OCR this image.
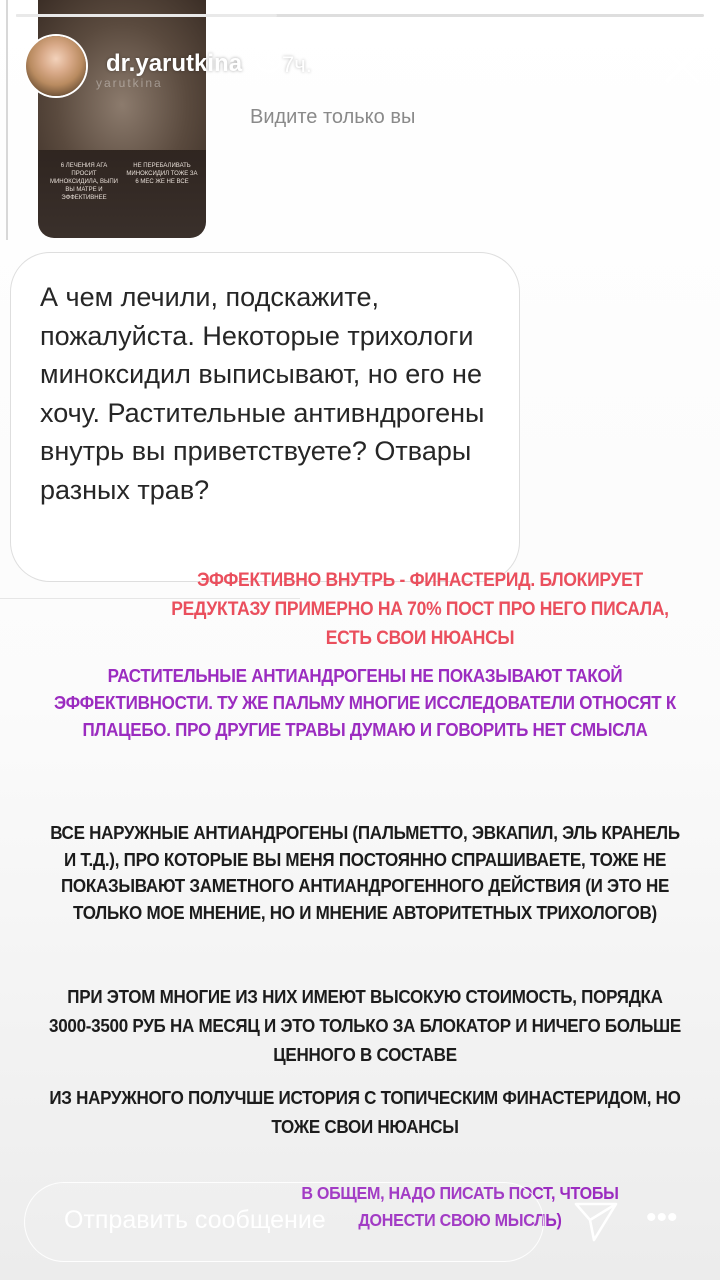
yarutkina
6 ЛЕЧЕНИЯ АГА ПРОСИТ МИНОКСИДИЛА, ВЫПИ ВЫ МАТРЕ И ЭФФЕКТИВНЕЕ
НЕ ПЕРЕБАЛИВАТЬ МИНОКСИДИЛ ТОЖЕ ЗА 6 МЕС ЖЕ НЕ ВСЕ
dr.yarutkina 7ч.
Видите только вы
А чем лечили, подскажите, пожалуйста. Некоторые трихологи миноксидил выписывают, но его не хочу. Растительные антивндрогены внутрь вы приветствуете? Отвары разных трав?
ЭФФЕКТИВНО ВНУТРЬ - ФИНАСТЕРИД. БЛОКИРУЕТ РЕДУКТАЗУ ПРИМЕРНО НА 70% ПОСТ ПРО НЕГО ПИСАЛА, ЕСТЬ СВОИ НЮАНСЫ
РАСТИТЕЛЬНЫЕ АНТИАНДРОГЕНЫ НЕ ПОКАЗЫВАЮТ ТАКОЙ ЭФФЕКТИВНОСТИ. ТУ ЖЕ ПАЛЬМУ МНОГИЕ ИССЛЕДОВАТЕЛИ ОТНОСЯТ К ПЛАЦЕБО. ПРО ДРУГИЕ ТРАВЫ ДУМАЮ И ГОВОРИТЬ НЕТ СМЫСЛА
ВСЕ НАРУЖНЫЕ АНТИАНДРОГЕНЫ (ПАЛЬМЕТТО, ЭВКАПИЛ, ЭЛЬ КРАНЕЛЬ И Т.Д.), ПРО КОТОРЫЕ ВЫ МЕНЯ ПОСТОЯННО СПРАШИВАЕТЕ, ТОЖЕ НЕ ПОКАЗЫВАЮТ ЗАМЕТНОГО АНТИАНДРОГЕННОГО ДЕЙСТВИЯ (И ЭТО НЕ ТОЛЬКО МОЕ МНЕНИЕ, НО И МНЕНИЕ АВТОРИТЕТНЫХ ТРИХОЛОГОВ)
ПРИ ЭТОМ МНОГИЕ ИЗ НИХ ИМЕЮТ ВЫСОКУЮ СТОИМОСТЬ, ПОРЯДКА 3000-3500 РУБ НА МЕСЯЦ И ЭТО ТОЛЬКО ЗА БЛОКАТОР И НИЧЕГО БОЛЬШЕ ЦЕННОГО В СОСТАВЕ
ИЗ НАРУЖНОГО ПОЛУЧШЕ ИСТОРИЯ С ТОПИЧЕСКИМ ФИНАСТЕРИДОМ, НО ТОЖЕ СВОИ НЮАНСЫ
В ОБЩЕМ, НАДО ПИСАТЬ ПОСТ, ЧТОБЫ ДОНЕСТИ СВОЮ МЫСЛЬ)
Отправить сообщение	•••
